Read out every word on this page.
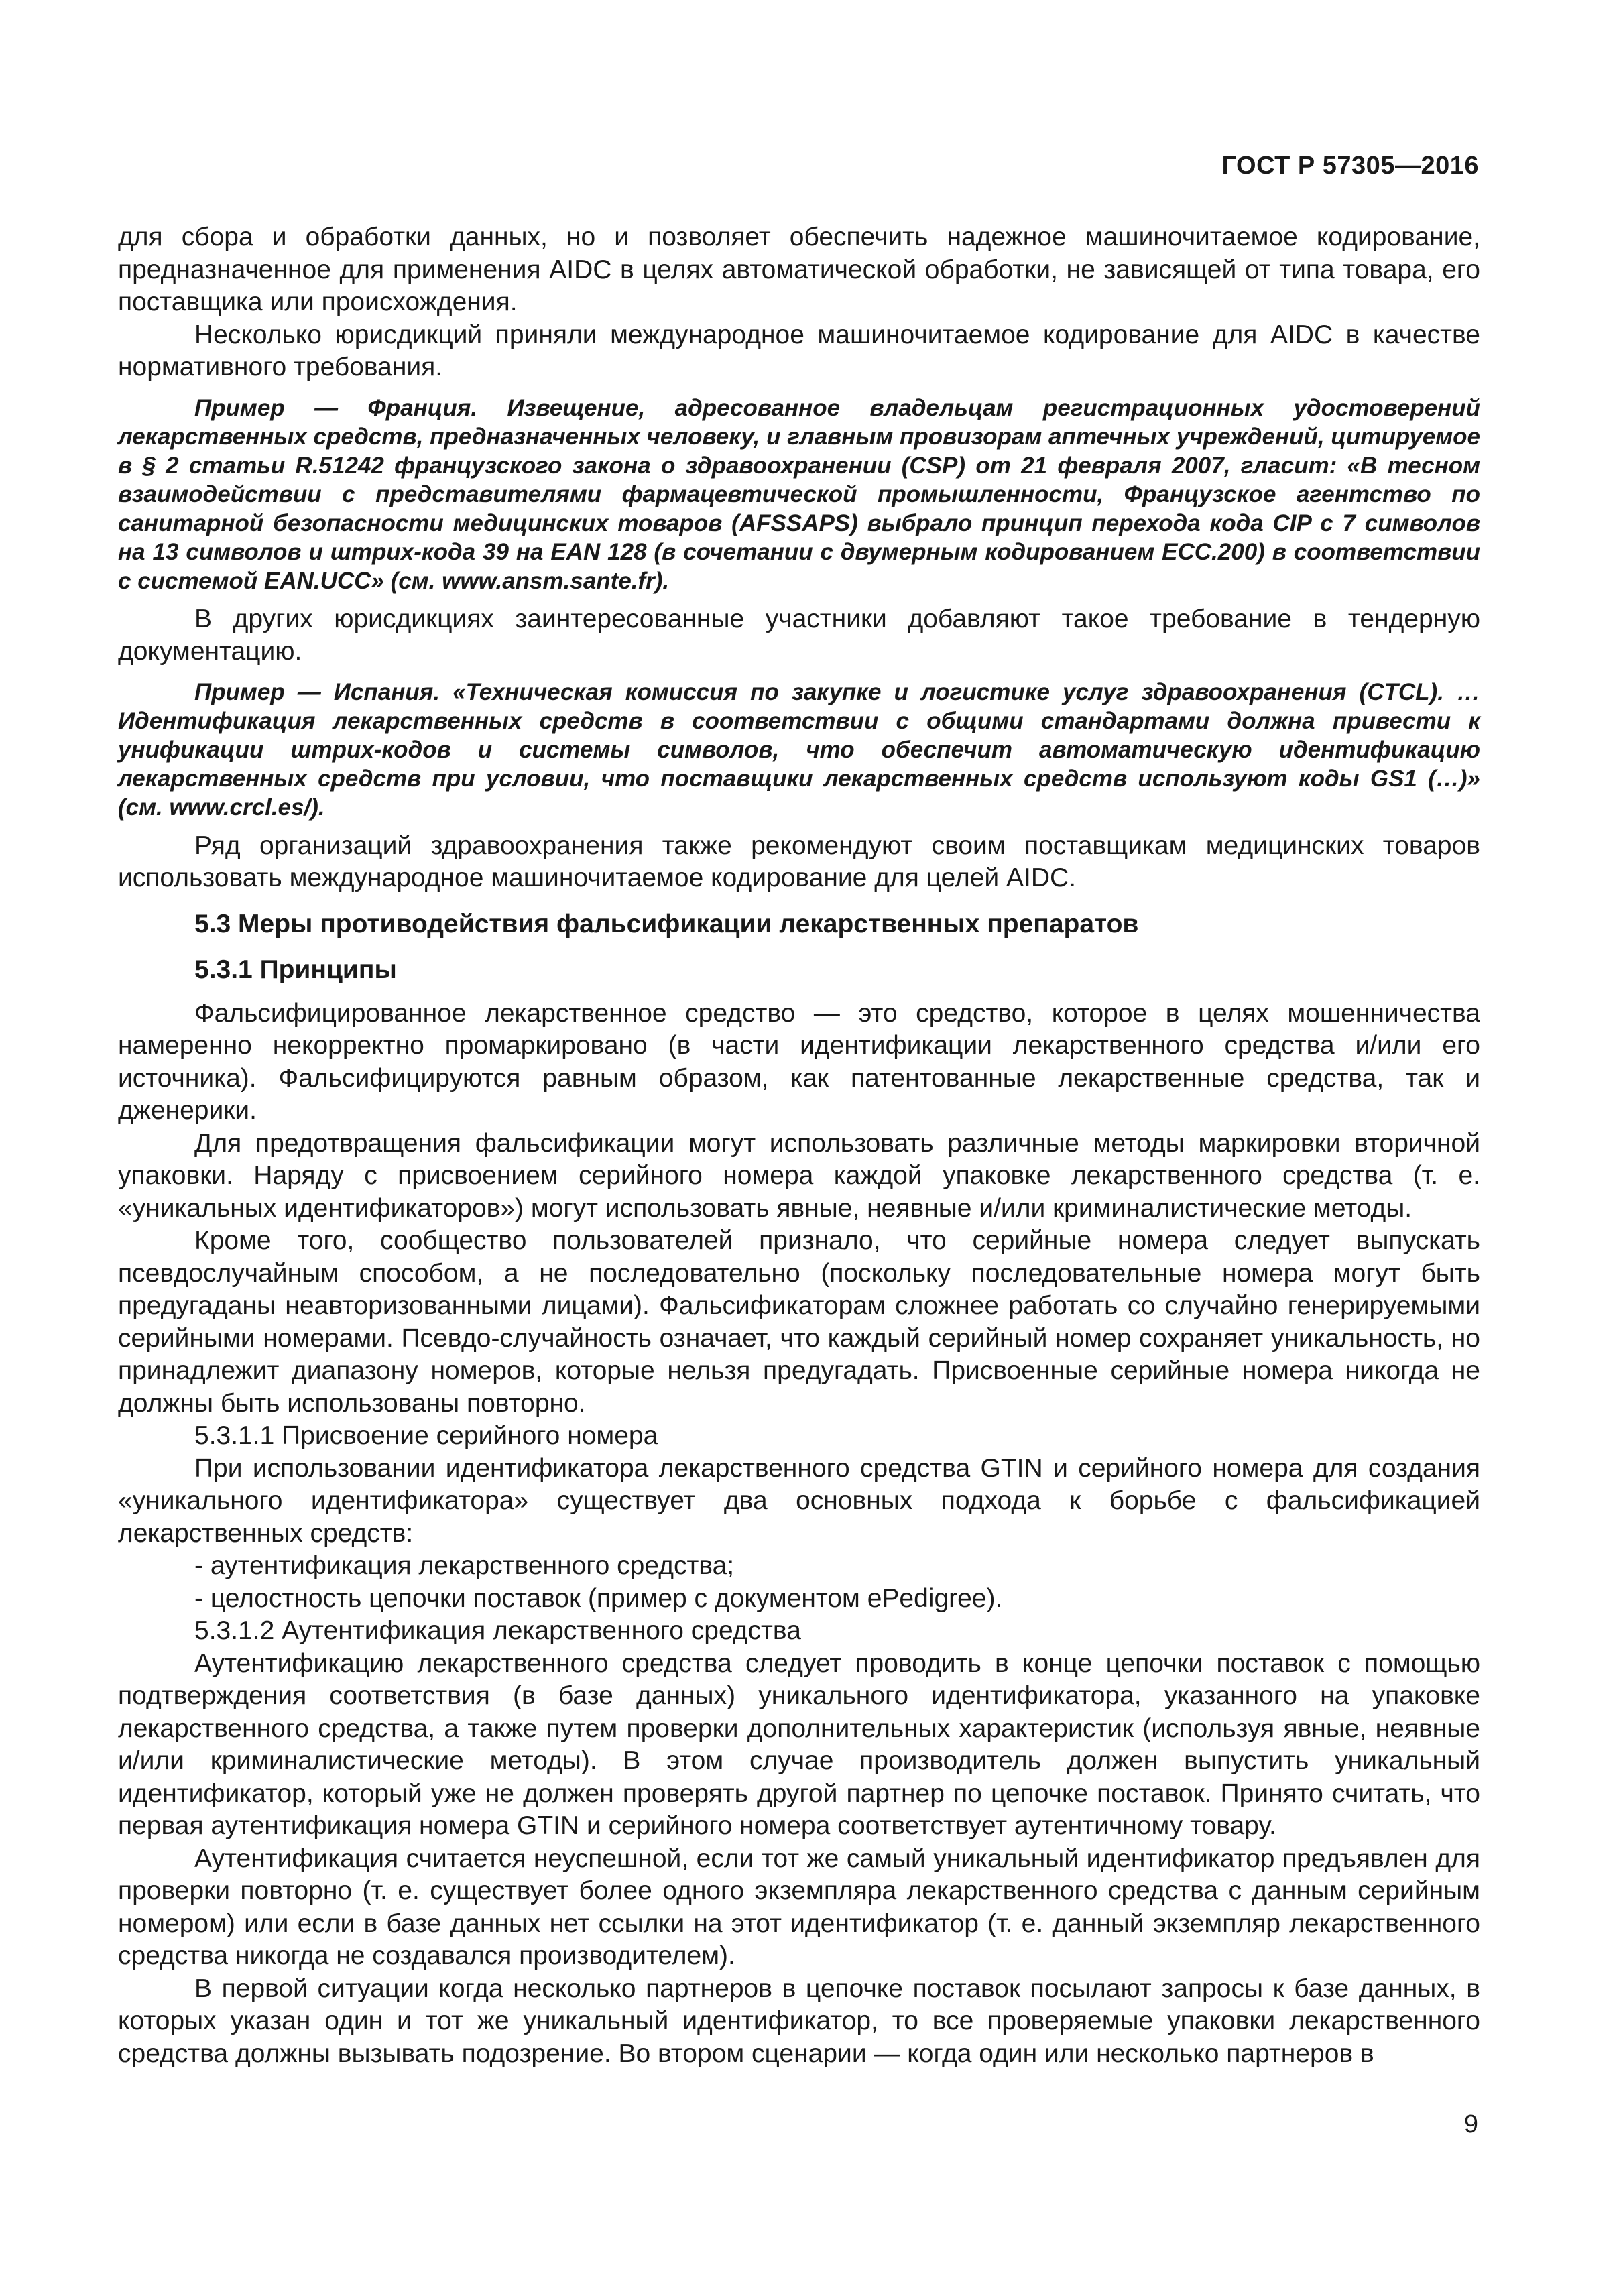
ГОСТ Р 57305—2016

для сбора и обработки данных, но и позволяет обеспечить надежное машиночитаемое кодирование, предназначенное для применения AIDC в целях автоматической обработки, не зависящей от типа товара, его поставщика или происхождения.

Несколько юрисдикций приняли международное машиночитаемое кодирование для AIDC в качестве нормативного требования.

Пример — Франция. Извещение, адресованное владельцам регистрационных удостоверений лекарственных средств, предназначенных человеку, и главным провизорам аптечных учреждений, цитируемое в § 2 статьи R.51242 французского закона о здравоохранении (CSP) от 21 февраля 2007, гласит: «В тесном взаимодействии с представителями фармацевтической промышленности, Французское агентство по санитарной безопасности медицинских товаров (AFSSAPS) выбрало принцип перехода кода CIP с 7 символов на 13 символов и штрих-кода 39 на EAN 128 (в сочетании с двумерным кодированием ECC.200) в соответствии с системой EAN.UCC» (см. www.ansm.sante.fr).

В других юрисдикциях заинтересованные участники добавляют такое требование в тендерную документацию.

Пример — Испания. «Техническая комиссия по закупке и логистике услуг здравоохранения (CTCL). … Идентификация лекарственных средств в соответствии с общими стандартами должна привести к унификации штрих-кодов и системы символов, что обеспечит автоматическую идентификацию лекарственных средств при условии, что поставщики лекарственных средств используют коды GS1 (…)» (см. www.crcl.es/).

Ряд организаций здравоохранения также рекомендуют своим поставщикам медицинских товаров использовать международное машиночитаемое кодирование для целей AIDC.

5.3 Меры противодействия фальсификации лекарственных препаратов
5.3.1 Принципы

Фальсифицированное лекарственное средство — это средство, которое в целях мошенничества намеренно некорректно промаркировано (в части идентификации лекарственного средства и/или его источника). Фальсифицируются равным образом, как патентованные лекарственные средства, так и дженерики.

Для предотвращения фальсификации могут использовать различные методы маркировки вторичной упаковки. Наряду с присвоением серийного номера каждой упаковке лекарственного средства (т. е. «уникальных идентификаторов») могут использовать явные, неявные и/или криминалистические методы.

Кроме того, сообщество пользователей признало, что серийные номера следует выпускать псевдослучайным способом, а не последовательно (поскольку последовательные номера могут быть предугаданы неавторизованными лицами). Фальсификаторам сложнее работать со случайно генерируемыми серийными номерами. Псевдо-случайность означает, что каждый серийный номер сохраняет уникальность, но принадлежит диапазону номеров, которые нельзя предугадать. Присвоенные серийные номера никогда не должны быть использованы повторно.

5.3.1.1 Присвоение серийного номера

При использовании идентификатора лекарственного средства GTIN и серийного номера для создания «уникального идентификатора» существует два основных подхода к борьбе с фальсификацией лекарственных средств:

- аутентификация лекарственного средства;

- целостность цепочки поставок (пример с документом ePedigree).

5.3.1.2 Аутентификация лекарственного средства

Аутентификацию лекарственного средства следует проводить в конце цепочки поставок с помощью подтверждения соответствия (в базе данных) уникального идентификатора, указанного на упаковке лекарственного средства, а также путем проверки дополнительных характеристик (используя явные, неявные и/или криминалистические методы). В этом случае производитель должен выпустить уникальный идентификатор, который уже не должен проверять другой партнер по цепочке поставок. Принято считать, что первая аутентификация номера GTIN и серийного номера соответствует аутентичному товару.

Аутентификация считается неуспешной, если тот же самый уникальный идентификатор предъявлен для проверки повторно (т. е. существует более одного экземпляра лекарственного средства с данным серийным номером) или если в базе данных нет ссылки на этот идентификатор (т. е. данный экземпляр лекарственного средства никогда не создавался производителем).

В первой ситуации когда несколько партнеров в цепочке поставок посылают запросы к базе данных, в которых указан один и тот же уникальный идентификатор, то все проверяемые упаковки лекарственного средства должны вызывать подозрение. Во втором сценарии — когда один или несколько партнеров в

9
